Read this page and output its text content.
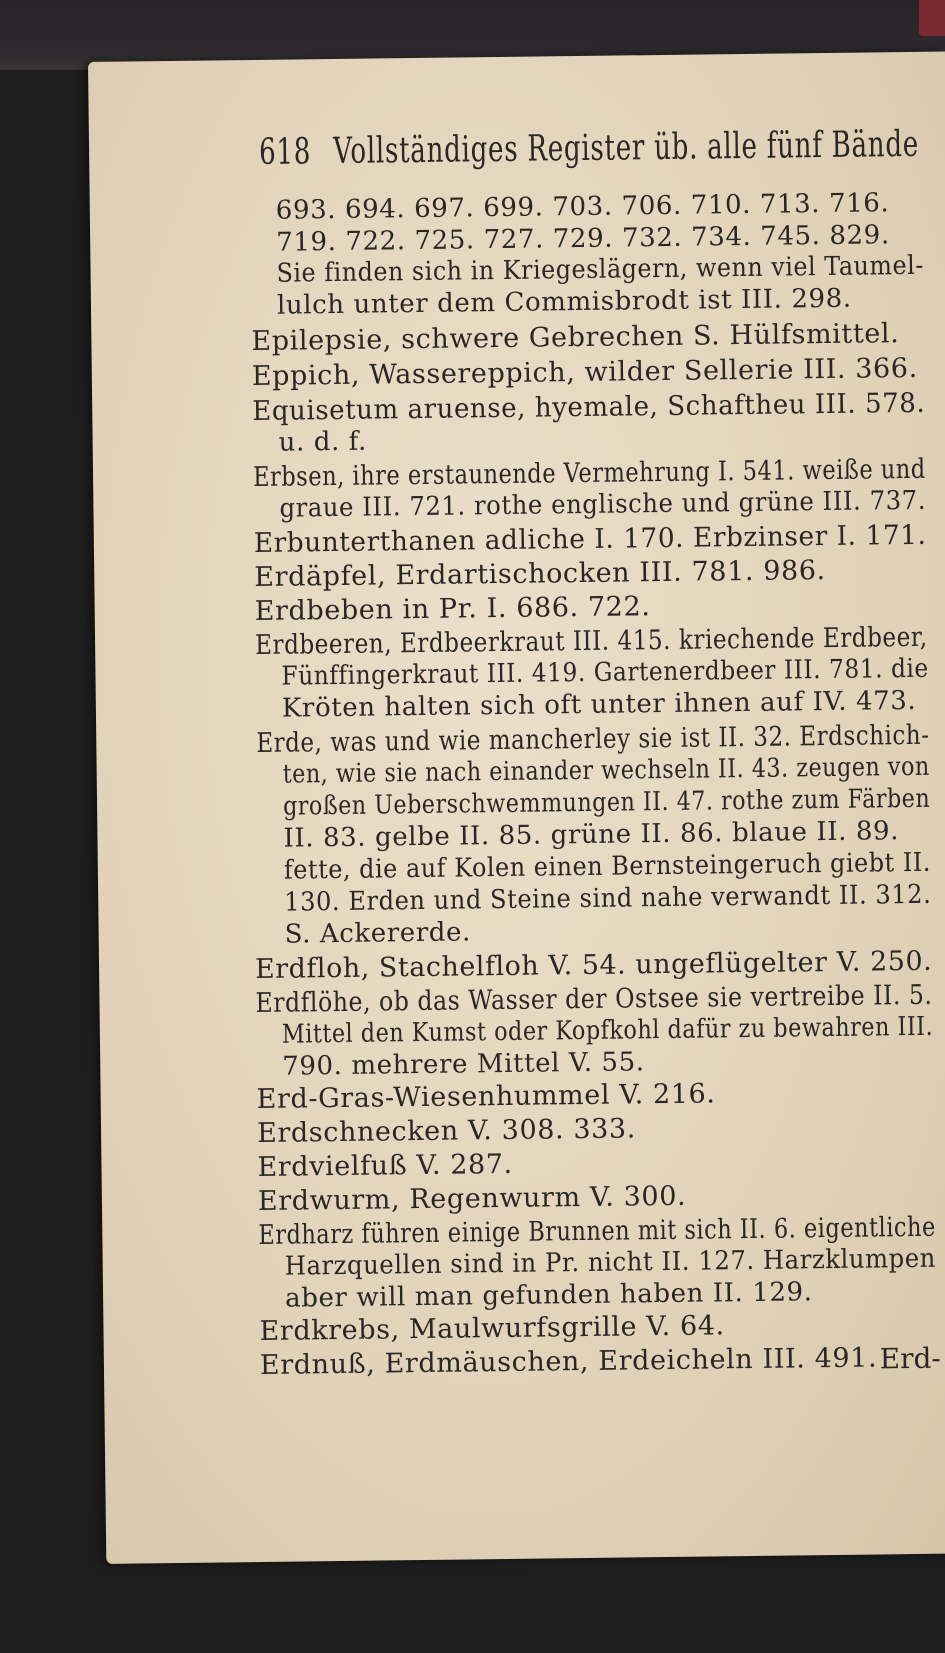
618 Vollständiges Register üb. alle fünf Bände
693. 694. 697. 699. 703. 706. 710. 713. 716.
719. 722. 725. 727. 729. 732. 734. 745. 829.
Sie finden sich in Kriegeslägern, wenn viel Taumel-
lulch unter dem Commisbrodt ist III. 298.
Epilepsie, schwere Gebrechen S. Hülfsmittel.
Eppich, Wassereppich, wilder Sellerie III. 366.
Equisetum aruense, hyemale, Schaftheu III. 578.
u. d. f.
Erbsen, ihre erstaunende Vermehrung I. 541. weiße und
graue III. 721. rothe englische und grüne III. 737.
Erbunterthanen adliche I. 170. Erbzinser I. 171.
Erdäpfel, Erdartischocken III. 781. 986.
Erdbeben in Pr. I. 686. 722.
Erdbeeren, Erdbeerkraut III. 415. kriechende Erdbeer,
Fünffingerkraut III. 419. Gartenerdbeer III. 781. die
Kröten halten sich oft unter ihnen auf IV. 473.
Erde, was und wie mancherley sie ist II. 32. Erdschich-
ten, wie sie nach einander wechseln II. 43. zeugen von
großen Ueberschwemmungen II. 47. rothe zum Färben
II. 83. gelbe II. 85. grüne II. 86. blaue II. 89.
fette, die auf Kolen einen Bernsteingeruch giebt II.
130. Erden und Steine sind nahe verwandt II. 312.
S. Ackererde.
Erdfloh, Stachelfloh V. 54. ungeflügelter V. 250.
Erdflöhe, ob das Wasser der Ostsee sie vertreibe II. 5.
Mittel den Kumst oder Kopfkohl dafür zu bewahren III.
790. mehrere Mittel V. 55.
Erd-Gras-Wiesenhummel V. 216.
Erdschnecken V. 308. 333.
Erdvielfuß V. 287.
Erdwurm, Regenwurm V. 300.
Erdharz führen einige Brunnen mit sich II. 6. eigentliche
Harzquellen sind in Pr. nicht II. 127. Harzklumpen
aber will man gefunden haben II. 129.
Erdkrebs, Maulwurfsgrille V. 64.
Erdnuß, Erdmäuschen, Erdeicheln III. 491. Erd-
